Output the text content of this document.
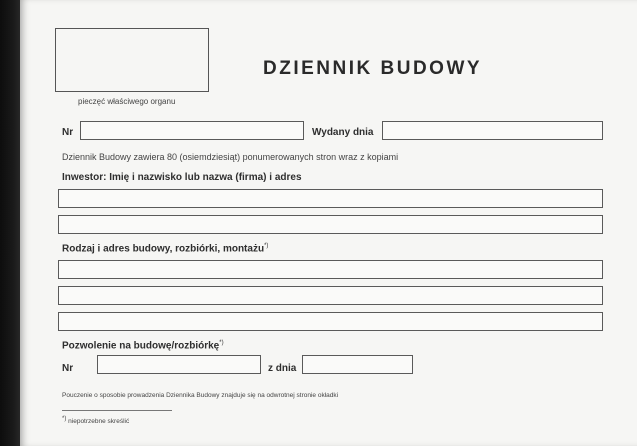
pieczęć właściwego organu
DZIENNIK BUDOWY
Nr	Wydany dnia
Dziennik Budowy zawiera 80 (osiemdziesiąt) ponumerowanych stron wraz z kopiami
Inwestor: Imię i nazwisko lub nazwa (firma) i adres
Rodzaj i adres budowy, rozbiórki, montażu*)
Pozwolenie na budowę/rozbiórkę*)
Nr	z dnia
Pouczenie o sposobie prowadzenia Dziennika Budowy znajduje się na odwrotnej stronie okładki
*) niepotrzebne skreślić
